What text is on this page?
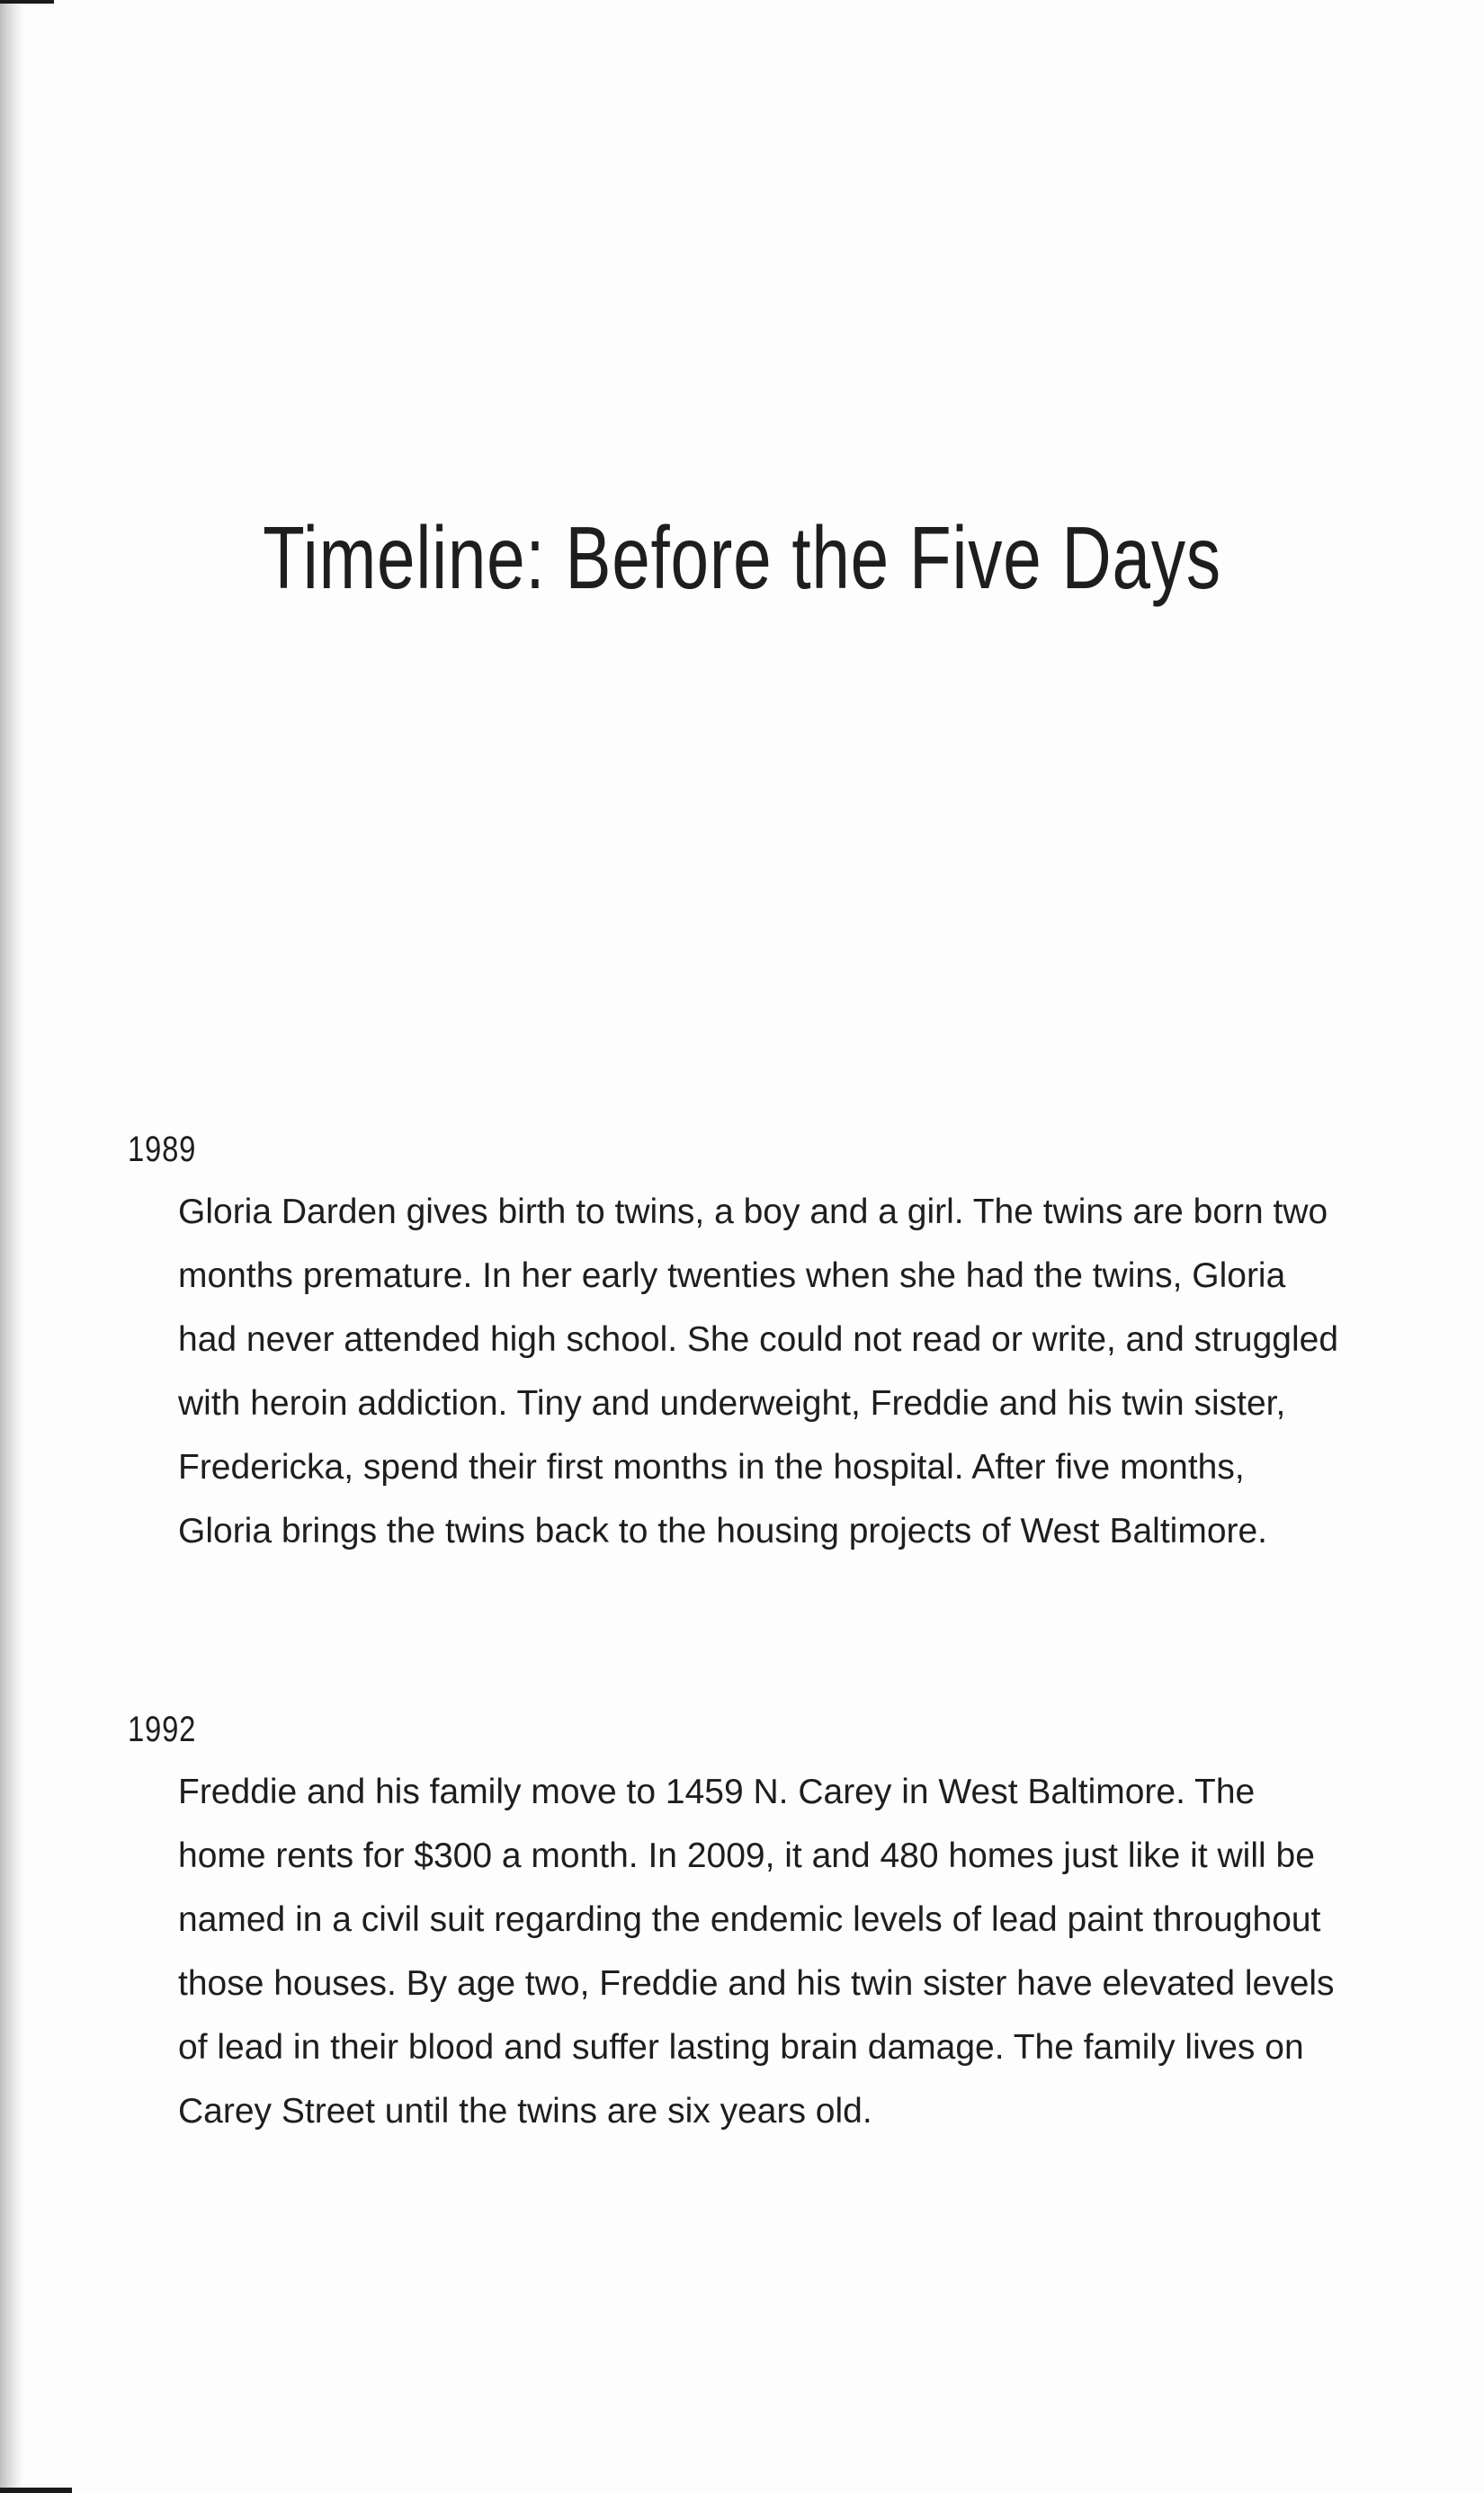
Timeline: Before the Five Days
1989

Gloria Darden gives birth to twins, a boy and a girl. The twins are born two months premature. In her early twenties when she had the twins, Gloria had never attended high school. She could not read or write, and struggled with heroin addiction. Tiny and underweight, Freddie and his twin sister, Fredericka, spend their first months in the hospital. After five months, Gloria brings the twins back to the housing projects of West Baltimore.

1992

Freddie and his family move to 1459 N. Carey in West Baltimore. The home rents for $300 a month. In 2009, it and 480 homes just like it will be named in a civil suit regarding the endemic levels of lead paint throughout those houses. By age two, Freddie and his twin sister have elevated levels of lead in their blood and suffer lasting brain damage. The family lives on Carey Street until the twins are six years old.
